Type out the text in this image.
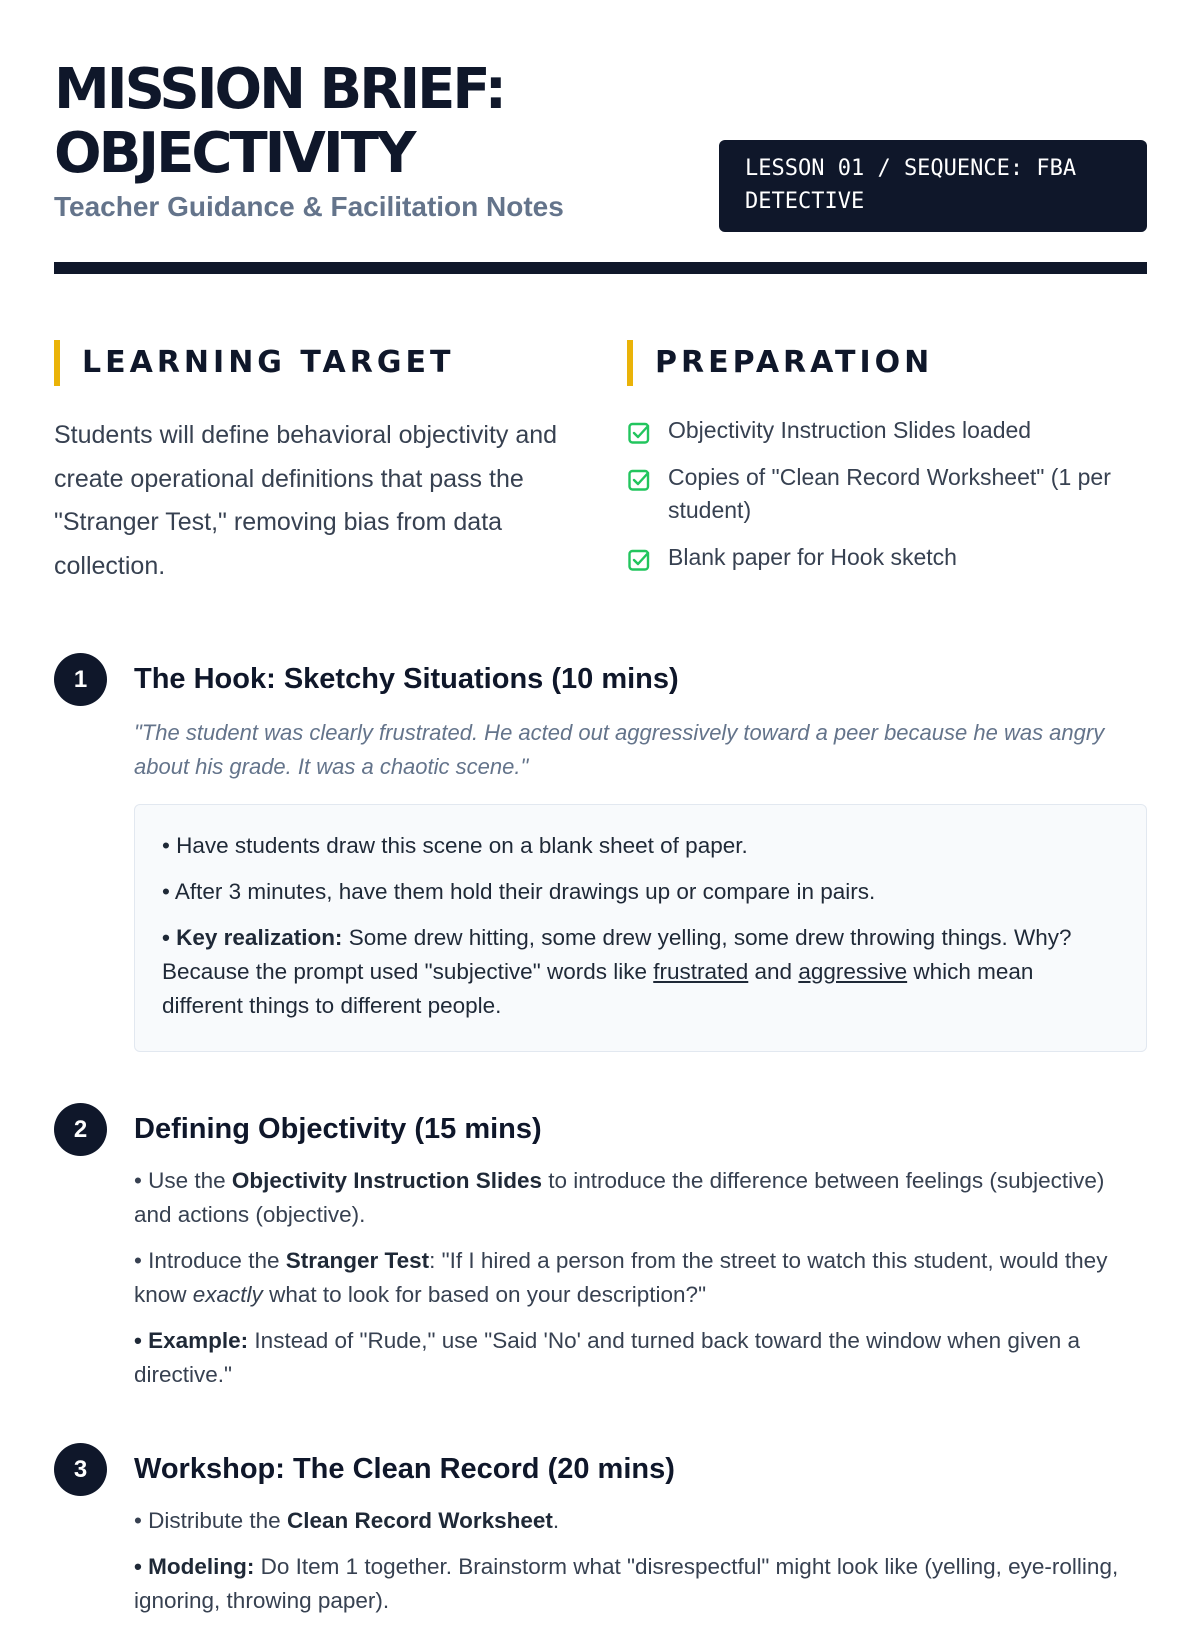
MISSION BRIEF:
OBJECTIVITY
Teacher Guidance & Facilitation Notes
LESSON 01 / SEQUENCE: FBA DETECTIVE
LEARNING TARGET

Students will define behavioral objectivity and create operational definitions that pass the "Stranger Test," removing bias from data collection.

PREPARATION
Objectivity Instruction Slides loaded
Copies of "Clean Record Worksheet" (1 per student)
Blank paper for Hook sketch
1	The Hook: Sketchy Situations (10 mins)

"The student was clearly frustrated. He acted out aggressively toward a peer because he was angry about his grade. It was a chaotic scene."

• Have students draw this scene on a blank sheet of paper.

• After 3 minutes, have them hold their drawings up or compare in pairs.

• Key realization: Some drew hitting, some drew yelling, some drew throwing things. Why? Because the prompt used "subjective" words like frustrated and aggressive which mean different things to different people.

2	Defining Objectivity (15 mins)

• Use the Objectivity Instruction Slides to introduce the difference between feelings (subjective) and actions (objective).

• Introduce the Stranger Test: "If I hired a person from the street to watch this student, would they know exactly what to look for based on your description?"

• Example: Instead of "Rude," use "Said 'No' and turned back toward the window when given a directive."

3	Workshop: The Clean Record (20 mins)

• Distribute the Clean Record Worksheet.

• Modeling: Do Item 1 together. Brainstorm what "disrespectful" might look like (yelling, eye-rolling, ignoring, throwing paper).
